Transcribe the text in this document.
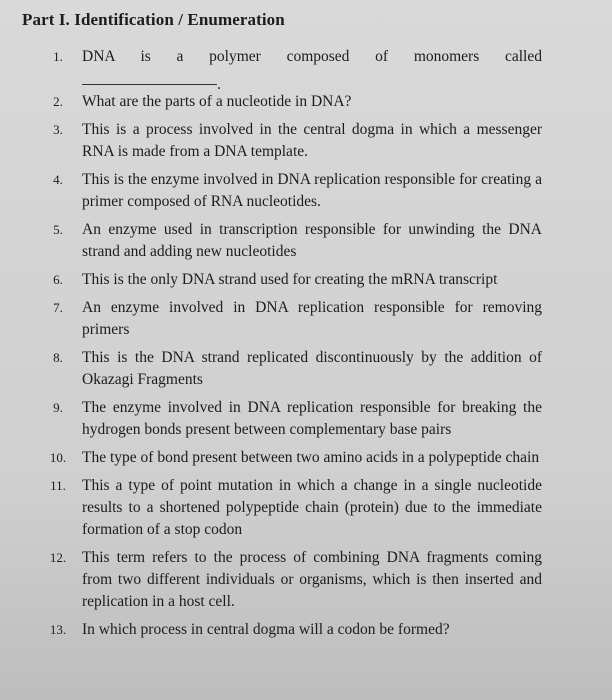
Part I. Identification / Enumeration
1.	DNA is a polymer composed of monomers called
.
2.	What are the parts of a nucleotide in DNA?
3.	This is a process involved in the central dogma in which a messenger RNA is made from a DNA template.
4.	This is the enzyme involved in DNA replication responsible for creating a primer composed of RNA nucleotides.
5.	An enzyme used in transcription responsible for unwinding the DNA strand and adding new nucleotides
6.	This is the only DNA strand used for creating the mRNA transcript
7.	An enzyme involved in DNA replication responsible for removing primers
8.	This is the DNA strand replicated discontinuously by the addition of Okazagi Fragments
9.	The enzyme involved in DNA replication responsible for breaking the hydrogen bonds present between complementary base pairs
10.	The type of bond present between two amino acids in a polypeptide chain
11.	This a type of point mutation in which a change in a single nucleotide results to a shortened polypeptide chain (protein) due to the immediate formation of a stop codon
12.	This term refers to the process of combining DNA fragments coming from two different individuals or organisms, which is then inserted and replication in a host cell.
13.	In which process in central dogma will a codon be formed?
